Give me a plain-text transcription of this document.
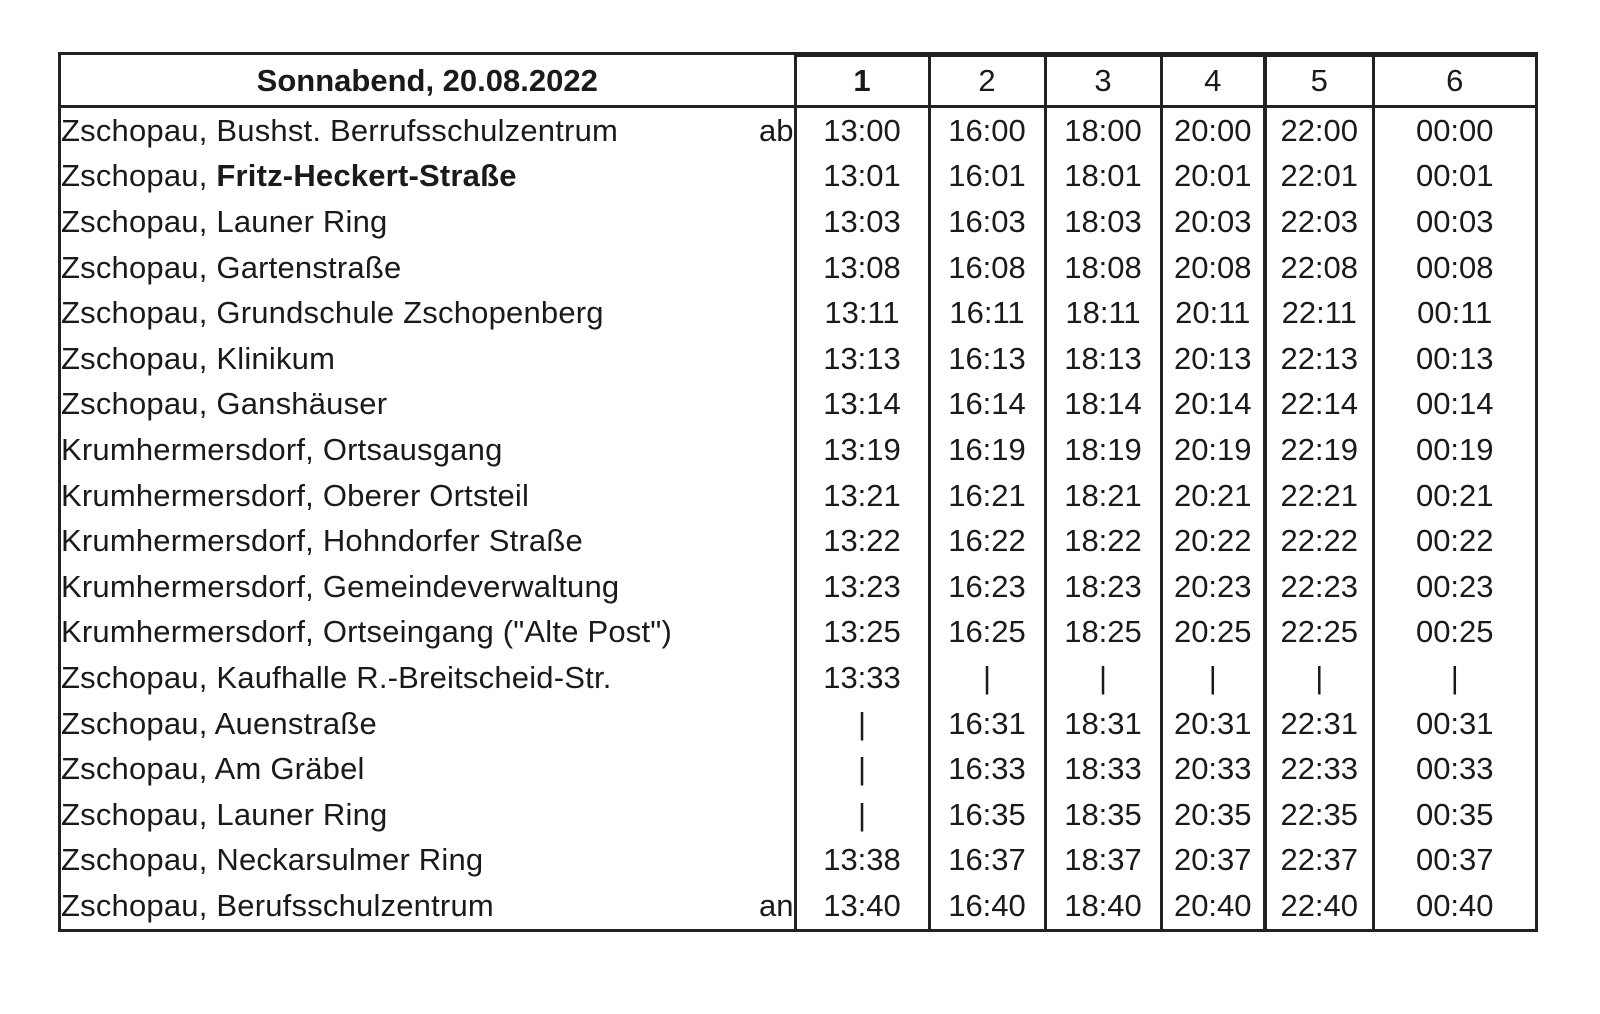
Sonnabend, 20.08.2022		1	2	3	4	5	6
Zschopau, Bushst. Berrufsschulzentrum	ab	13:00	16:00	18:00	20:00	22:00	00:00
Zschopau, Fritz-Heckert-Straße		13:01	16:01	18:01	20:01	22:01	00:01
Zschopau, Launer Ring		13:03	16:03	18:03	20:03	22:03	00:03
Zschopau, Gartenstraße		13:08	16:08	18:08	20:08	22:08	00:08
Zschopau, Grundschule Zschopenberg		13:11	16:11	18:11	20:11	22:11	00:11
Zschopau, Klinikum		13:13	16:13	18:13	20:13	22:13	00:13
Zschopau, Ganshäuser		13:14	16:14	18:14	20:14	22:14	00:14
Krumhermersdorf, Ortsausgang		13:19	16:19	18:19	20:19	22:19	00:19
Krumhermersdorf, Oberer Ortsteil		13:21	16:21	18:21	20:21	22:21	00:21
Krumhermersdorf, Hohndorfer Straße		13:22	16:22	18:22	20:22	22:22	00:22
Krumhermersdorf, Gemeindeverwaltung		13:23	16:23	18:23	20:23	22:23	00:23
Krumhermersdorf, Ortseingang ("Alte Post")		13:25	16:25	18:25	20:25	22:25	00:25
Zschopau, Kaufhalle R.-Breitscheid-Str.		13:33	|	|	|	|	|
Zschopau, Auenstraße		|	16:31	18:31	20:31	22:31	00:31
Zschopau, Am Gräbel		|	16:33	18:33	20:33	22:33	00:33
Zschopau, Launer Ring		|	16:35	18:35	20:35	22:35	00:35
Zschopau, Neckarsulmer Ring		13:38	16:37	18:37	20:37	22:37	00:37
Zschopau, Berufsschulzentrum	an	13:40	16:40	18:40	20:40	22:40	00:40
